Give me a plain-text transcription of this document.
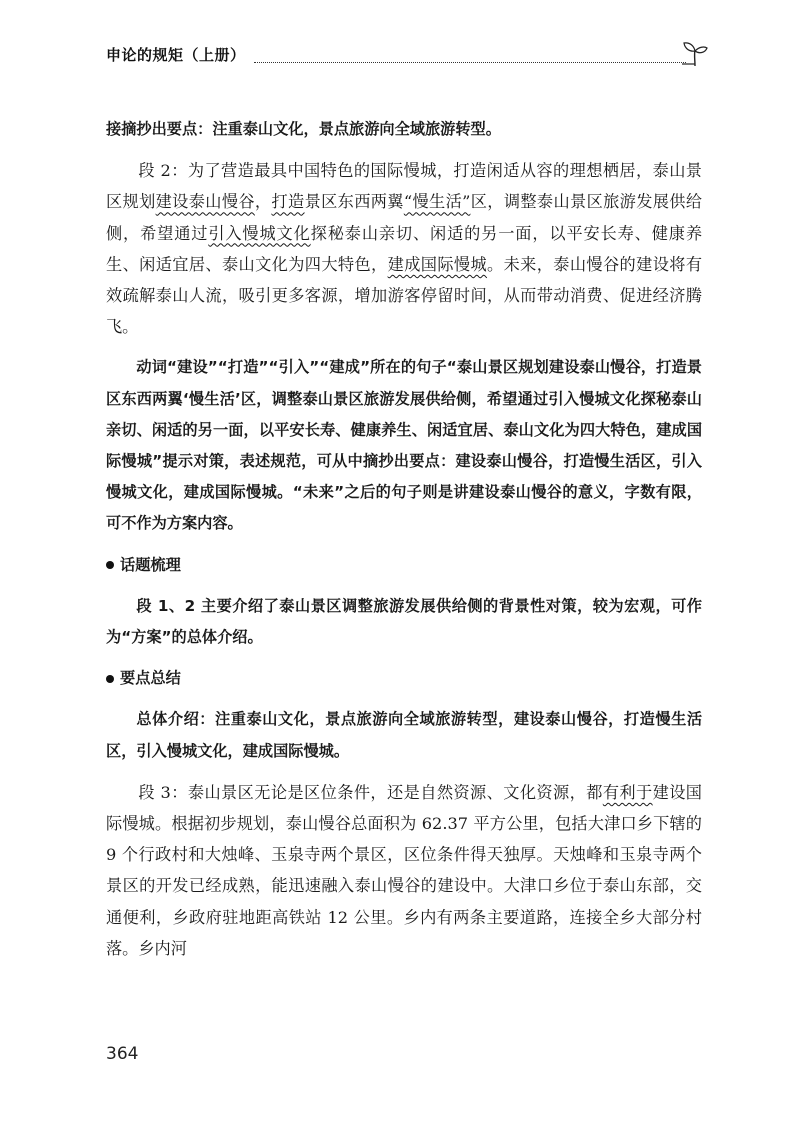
申论的规矩（上册）

接摘抄出要点：注重泰山文化，景点旅游向全域旅游转型。

段 2：为了营造最具中国特色的国际慢城，打造闲适从容的理想栖居，泰山景区规划建设泰山慢谷，打造景区东西两翼“慢生活”区，调整泰山景区旅游发展供给侧，希望通过引入慢城文化探秘泰山亲切、闲适的另一面，以平安长寿、健康养生、闲适宜居、泰山文化为四大特色，建成国际慢城。未来，泰山慢谷的建设将有效疏解泰山人流，吸引更多客源，增加游客停留时间，从而带动消费、促进经济腾飞。

动词“建设”“打造”“引入”“建成”所在的句子“泰山景区规划建设泰山慢谷，打造景区东西两翼‘慢生活’区，调整泰山景区旅游发展供给侧，希望通过引入慢城文化探秘泰山亲切、闲适的另一面，以平安长寿、健康养生、闲适宜居、泰山文化为四大特色，建成国际慢城”提示对策，表述规范，可从中摘抄出要点：建设泰山慢谷，打造慢生活区，引入慢城文化，建成国际慢城。“未来”之后的句子则是讲建设泰山慢谷的意义，字数有限，可不作为方案内容。

话题梳理

段 1、2 主要介绍了泰山景区调整旅游发展供给侧的背景性对策，较为宏观，可作为“方案”的总体介绍。

要点总结

总体介绍：注重泰山文化，景点旅游向全域旅游转型，建设泰山慢谷，打造慢生活区，引入慢城文化，建成国际慢城。

段 3：泰山景区无论是区位条件，还是自然资源、文化资源，都有利于建设国际慢城。根据初步规划，泰山慢谷总面积为 62.37 平方公里，包括大津口乡下辖的 9 个行政村和大烛峰、玉泉寺两个景区，区位条件得天独厚。天烛峰和玉泉寺两个景区的开发已经成熟，能迅速融入泰山慢谷的建设中。大津口乡位于泰山东部，交通便利，乡政府驻地距高铁站 12 公里。乡内有两条主要道路，连接全乡大部分村落。乡内河

364
